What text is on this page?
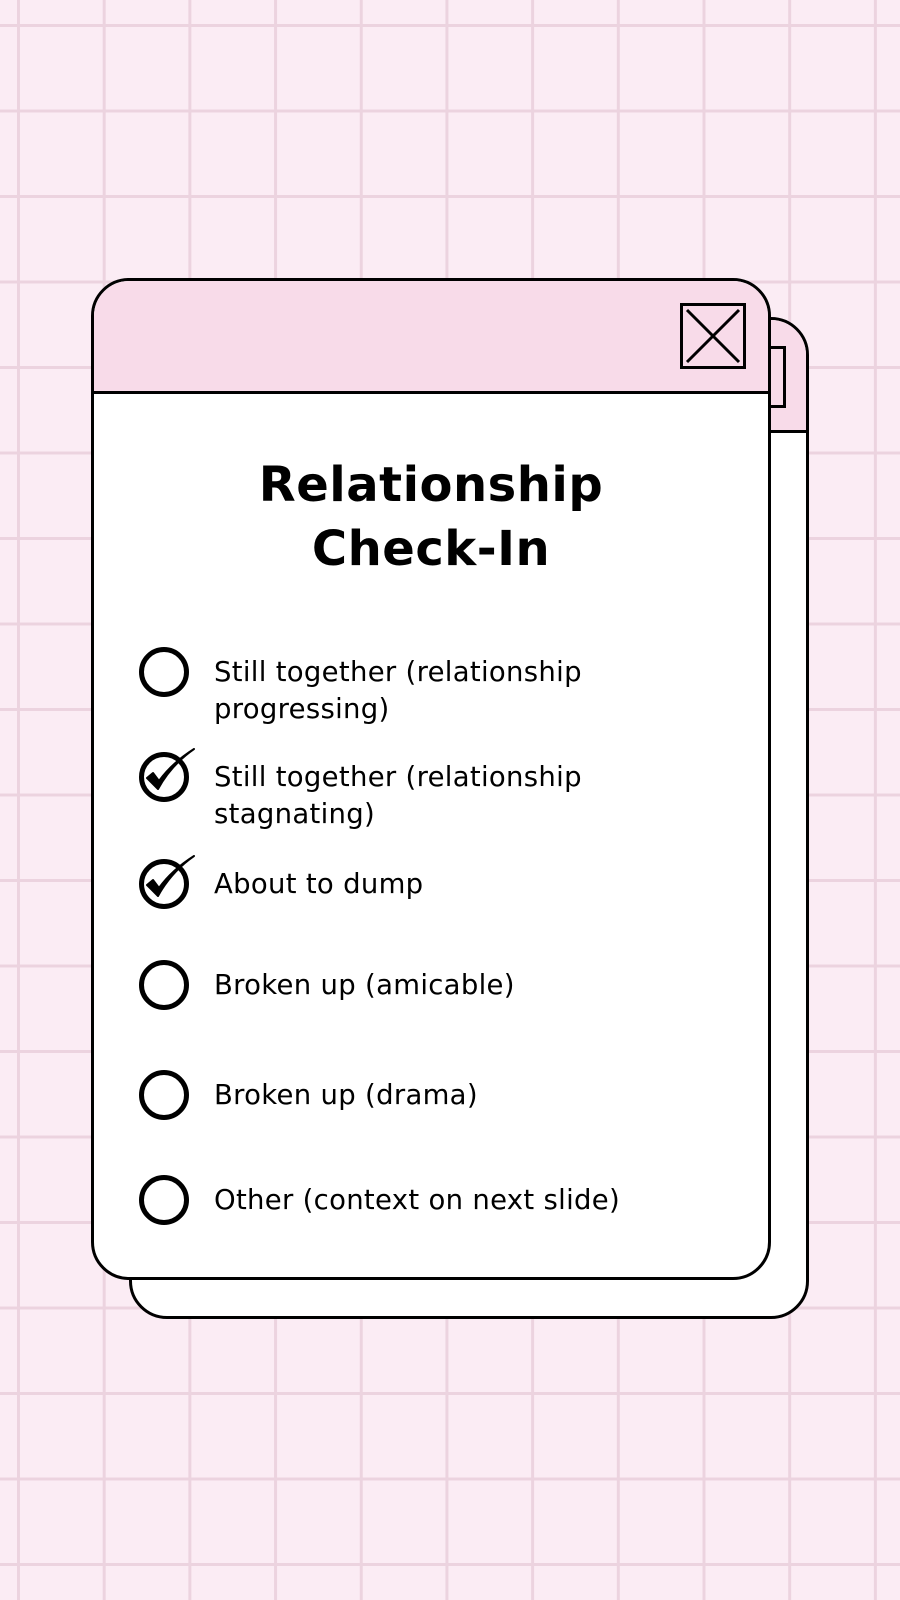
Relationship
Check-In
Still together (relationship progressing)
Still together (relationship stagnating)
About to dump
Broken up (amicable)
Broken up (drama)
Other (context on next slide)
